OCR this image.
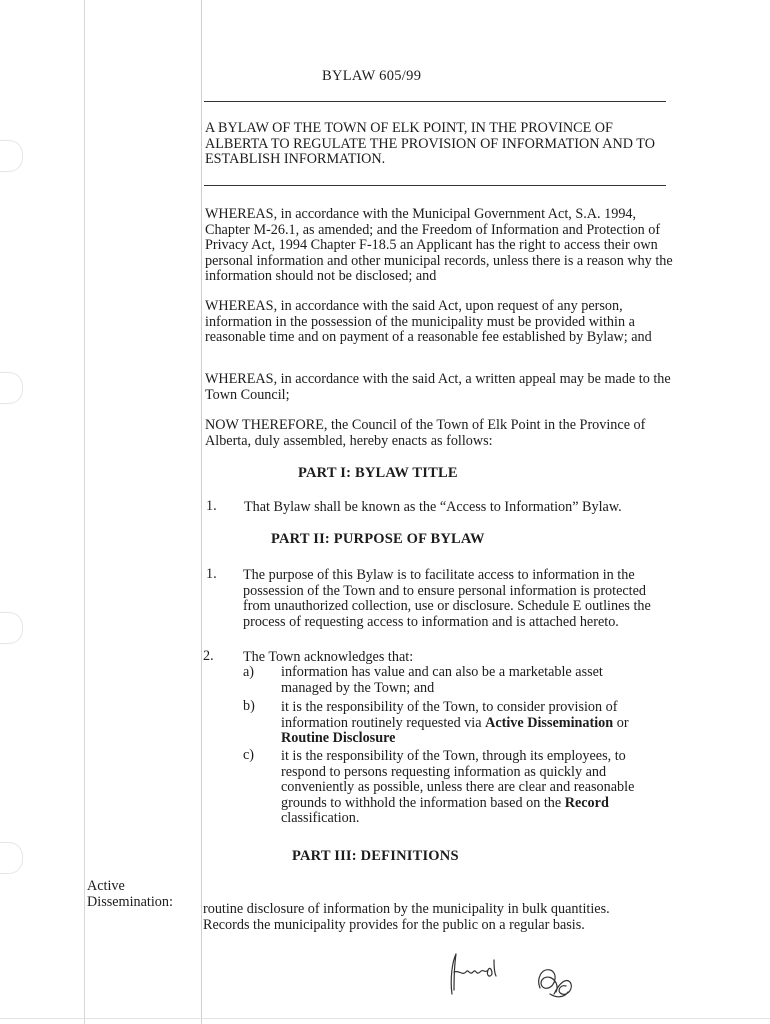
BYLAW 605/99
A BYLAW OF THE TOWN OF ELK POINT, IN THE PROVINCE OF ALBERTA TO REGULATE THE PROVISION OF INFORMATION AND TO ESTABLISH INFORMATION.
WHEREAS, in accordance with the Municipal Government Act, S.A. 1994, Chapter M-26.1, as amended; and the Freedom of Information and Protection of Privacy Act, 1994 Chapter F-18.5 an Applicant has the right to access their own personal information and other municipal records, unless there is a reason why the information should not be disclosed; and
WHEREAS, in accordance with the said Act, upon request of any person, information in the possession of the municipality must be provided within a reasonable time and on payment of a reasonable fee established by Bylaw; and
WHEREAS, in accordance with the said Act, a written appeal may be made to the Town Council;
NOW THEREFORE, the Council of the Town of Elk Point in the Province of Alberta, duly assembled, hereby enacts as follows:
PART I: BYLAW TITLE
1. That Bylaw shall be known as the “Access to Information” Bylaw.
PART II: PURPOSE OF BYLAW
1. The purpose of this Bylaw is to facilitate access to information in the possession of the Town and to ensure personal information is protected from unauthorized collection, use or disclosure. Schedule E outlines the process of requesting access to information and is attached hereto.
2. The Town acknowledges that:
a) information has value and can also be a marketable asset managed by the Town; and
b) it is the responsibility of the Town, to consider provision of information routinely requested via Active Dissemination or
Routine Disclosure
c) it is the responsibility of the Town, through its employees, to respond to persons requesting information as quickly and conveniently as possible, unless there are clear and reasonable grounds to withhold the information based on the Record classification.
PART III: DEFINITIONS
Active
Dissemination: routine disclosure of information by the municipality in bulk quantities. Records the municipality provides for the public on a regular basis.
